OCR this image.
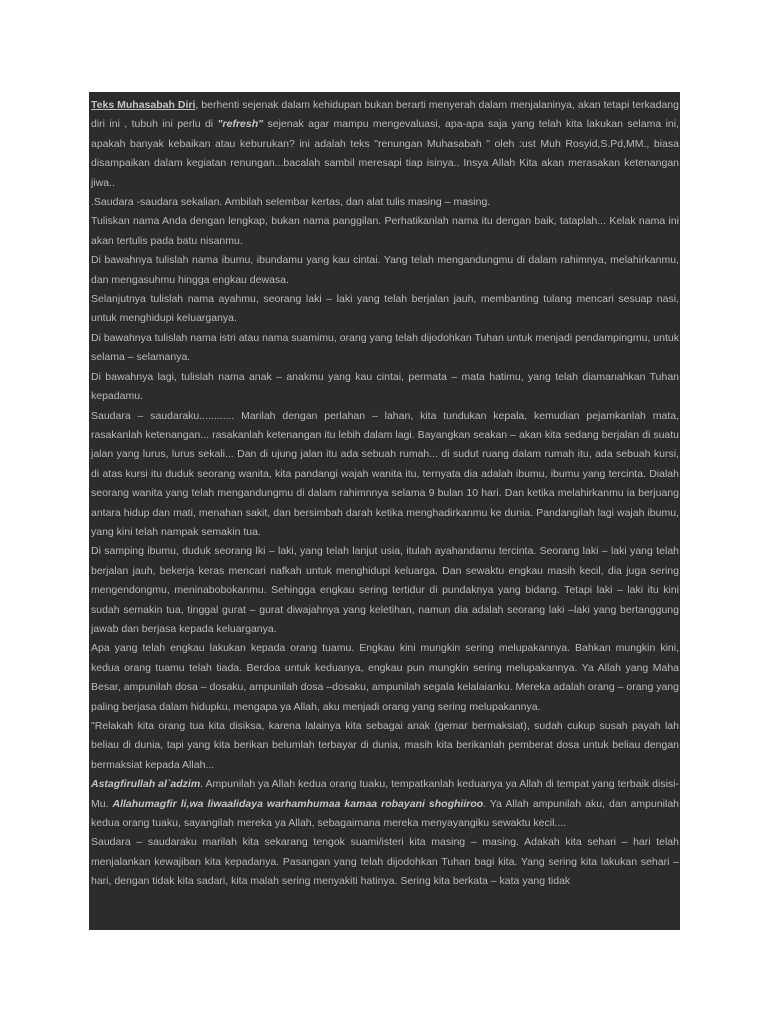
Teks Muhasabah Diri, berhenti sejenak dalam kehidupan bukan berarti menyerah dalam menjalaninya, akan tetapi terkadang diri ini , tubuh ini perlu di "refresh" sejenak agar mampu mengevaluasi, apa-apa saja yang telah kita lakukan selama ini, apakah banyak kebaikan atau keburukan? ini adalah teks "renungan Muhasabah " oleh :ust Muh Rosyid,S.Pd,MM., biasa disampaikan dalam kegiatan renungan...bacalah sambil meresapi tiap isinya.. Insya Allah Kita akan merasakan ketenangan jiwa..

.Saudara -saudara sekalian. Ambilah selembar kertas, dan alat tulis masing – masing.

Tuliskan nama Anda dengan lengkap, bukan nama panggilan. Perhatikanlah nama itu dengan baik, tataplah... Kelak nama ini akan tertulis pada batu nisanmu.

Di bawahnya tulislah nama ibumu, ibundamu yang kau cintai. Yang telah mengandungmu di dalam rahimnya, melahirkanmu, dan mengasuhmu hingga engkau dewasa.

Selanjutnya tulislah nama ayahmu, seorang laki – laki yang telah berjalan jauh, membanting tulang mencari sesuap nasi, untuk menghidupi keluarganya.

Di bawahnya tulislah nama istri atau nama suamimu, orang yang telah dijodohkan Tuhan untuk menjadi pendampingmu, untuk selama – selamanya.

Di bawahnya lagi, tulislah nama anak – anakmu yang kau cintai, permata – mata hatimu, yang telah diamanahkan Tuhan kepadamu.

Saudara – saudaraku............ Marilah dengan perlahan – lahan, kita tundukan kepala, kemudian pejamkanlah mata, rasakanlah ketenangan... rasakanlah ketenangan itu lebih dalam lagi. Bayangkan seakan – akan kita sedang berjalan di suatu jalan yang lurus, lurus sekali... Dan di ujung jalan itu ada sebuah rumah... di sudut ruang dalam rumah itu, ada sebuah kursi, di atas kursi itu duduk seorang wanita, kita pandangi wajah wanita itu, ternyata dia adalah ibumu, ibumu yang tercinta. Dialah seorang wanita yang telah mengandungmu di dalam rahimnnya selama 9 bulan 10 hari. Dan ketika melahirkanmu ia berjuang antara hidup dan mati, menahan sakit, dan bersimbah darah ketika menghadirkanmu ke dunia. Pandangilah lagi wajah ibumu, yang kini telah nampak semakin tua.

Di samping ibumu, duduk seorang lki – laki, yang telah lanjut usia, itulah ayahandamu tercinta. Seorang laki – laki yang telah berjalan jauh, bekerja keras mencari nafkah untuk menghidupi keluarga. Dan sewaktu engkau masih kecil, dia juga sering mengendongmu, meninabobokanmu. Sehingga engkau sering tertidur di pundaknya yang bidang. Tetapi laki – laki itu kini sudah semakin tua, tinggal gurat – gurat diwajahnya yang keletihan, namun dia adalah seorang laki –laki yang bertanggung jawab dan berjasa kepada keluarganya.

Apa yang telah engkau lakukan kepada orang tuamu. Engkau kini mungkin sering melupakannya. Bahkan mungkin kini, kedua orang tuamu telah tiada. Berdoa untuk keduanya, engkau pun mungkin sering melupakannya. Ya Allah yang Maha Besar, ampunilah dosa – dosaku, ampunilah dosa –dosaku, ampunilah segala kelalaianku. Mereka adalah orang – orang yang paling berjasa dalam hidupku, mengapa ya Allah, aku menjadi orang yang sering melupakannya.

"Relakah kita orang tua kita disiksa, karena lalainya kita sebagai anak (gemar bermaksiat), sudah cukup susah payah lah beliau di dunia, tapi yang kita berikan belumlah terbayar di dunia, masih kita berikanlah pemberat dosa untuk beliau dengan bermaksiat kepada Allah...

Astagfirullah al`adzim. Ampunilah ya Allah kedua orang tuaku, tempatkanlah keduanya ya Allah di tempat yang terbaik disisi-Mu. Allahumagfir li,wa liwaalidaya warhamhumaa kamaa robayani shoghiiroo. Ya Allah ampunilah aku, dan ampunilah kedua orang tuaku, sayangilah mereka ya Allah, sebagaimana mereka menyayangiku sewaktu kecil....

Saudara – saudaraku marilah kita sekarang tengok suami/isteri kita masing – masing. Adakah kita sehari – hari telah menjalankan kewajiban kita kepadanya. Pasangan yang telah dijodohkan Tuhan bagi kita. Yang sering kita lakukan sehari –hari, dengan tidak kita sadari, kita malah sering menyakiti hatinya. Sering kita berkata – kata yang tidak
